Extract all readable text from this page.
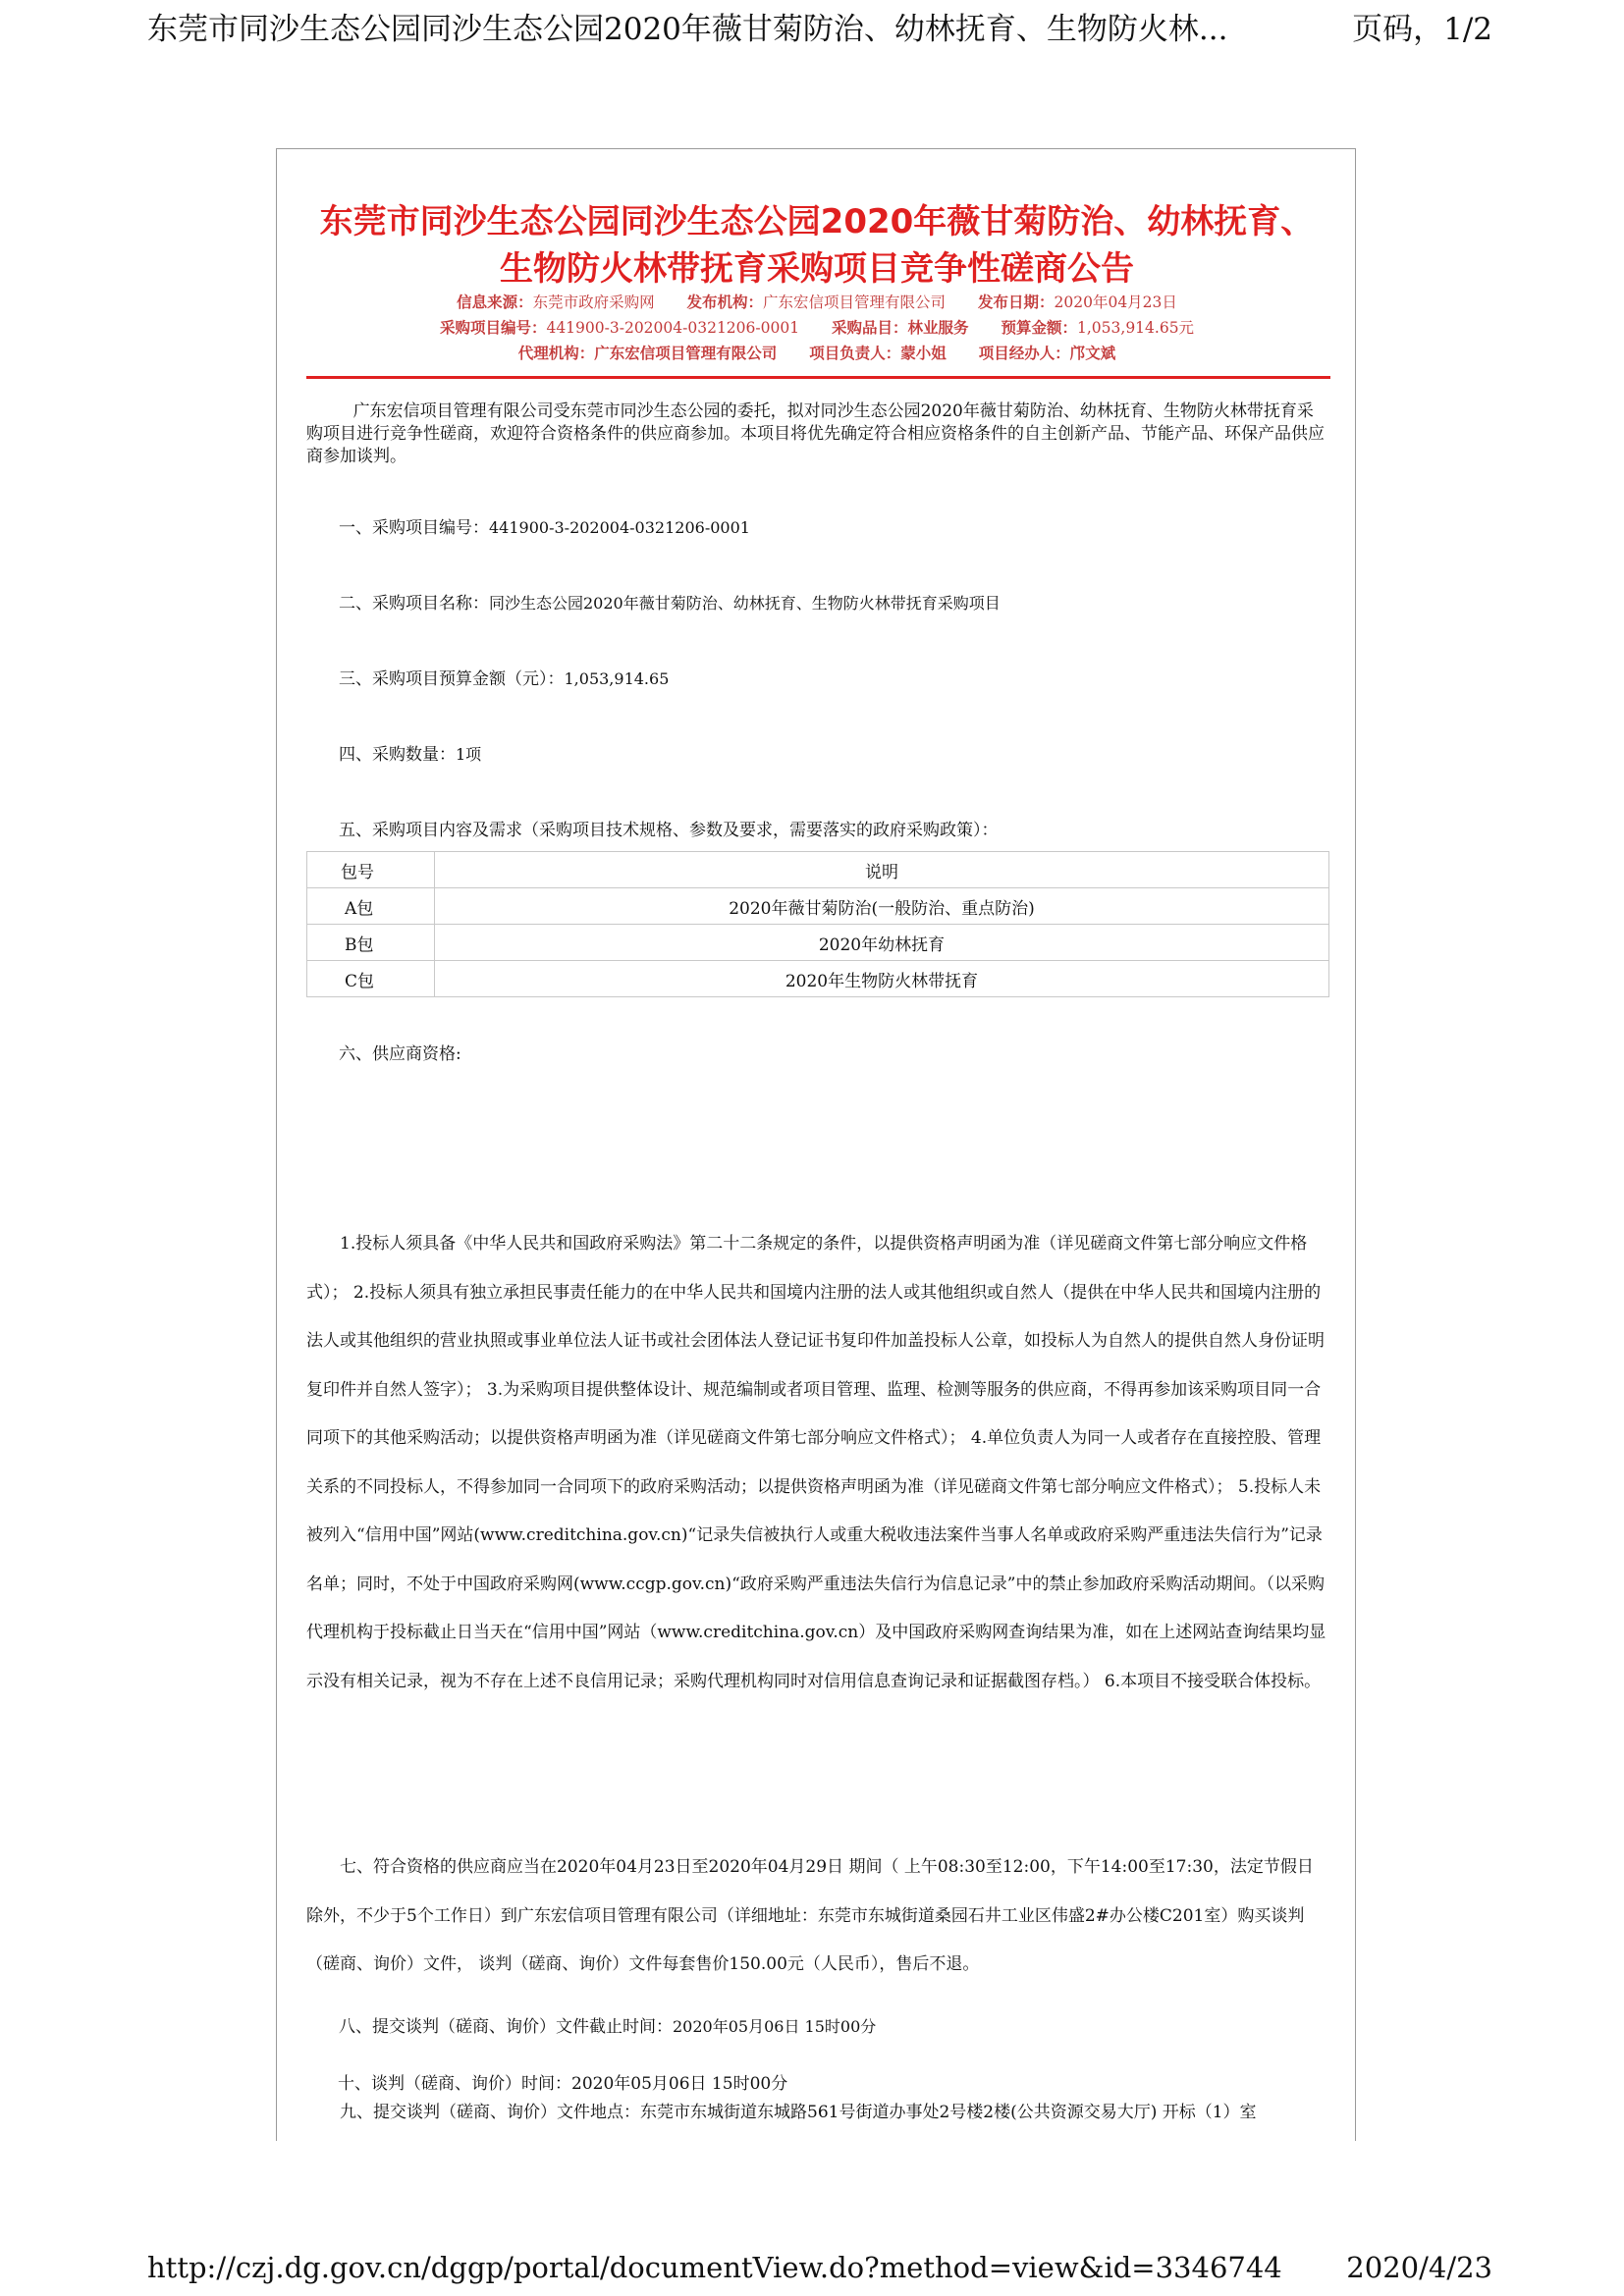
东莞市同沙生态公园同沙生态公园2020年薇甘菊防治、幼林抚育、生物防火林...	页码，1/2
东莞市同沙生态公园同沙生态公园2020年薇甘菊防治、幼林抚育、生物防火林带抚育采购项目竞争性磋商公告
信息来源：东莞市政府采购网 发布机构：广东宏信项目管理有限公司 发布日期：2020年04月23日
采购项目编号：441900-3-202004-0321206-0001 采购品目：林业服务 预算金额：1,053,914.65元
代理机构：广东宏信项目管理有限公司 项目负责人：蒙小姐 项目经办人：邝文斌
广东宏信项目管理有限公司受东莞市同沙生态公园的委托，拟对同沙生态公园2020年薇甘菊防治、幼林抚育、生物防火林带抚育采购项目进行竞争性磋商，欢迎符合资格条件的供应商参加。本项目将优先确定符合相应资格条件的自主创新产品、节能产品、环保产品供应商参加谈判。
一、采购项目编号：441900-3-202004-0321206-0001
二、采购项目名称：同沙生态公园2020年薇甘菊防治、幼林抚育、生物防火林带抚育采购项目
三、采购项目预算金额（元）：1,053,914.65
四、采购数量：1项
五、采购项目内容及需求（采购项目技术规格、参数及要求，需要落实的政府采购政策）：
包号	说明
A包	2020年薇甘菊防治(一般防治、重点防治)
B包	2020年幼林抚育
C包	2020年生物防火林带抚育
六、供应商资格:
1.投标人须具备《中华人民共和国政府采购法》第二十二条规定的条件，以提供资格声明函为准（详见磋商文件第七部分响应文件格式）； 2.投标人须具有独立承担民事责任能力的在中华人民共和国境内注册的法人或其他组织或自然人（提供在中华人民共和国境内注册的法人或其他组织的营业执照或事业单位法人证书或社会团体法人登记证书复印件加盖投标人公章，如投标人为自然人的提供自然人身份证明复印件并自然人签字）； 3.为采购项目提供整体设计、规范编制或者项目管理、监理、检测等服务的供应商，不得再参加该采购项目同一合同项下的其他采购活动；以提供资格声明函为准（详见磋商文件第七部分响应文件格式）； 4.单位负责人为同一人或者存在直接控股、管理关系的不同投标人，不得参加同一合同项下的政府采购活动；以提供资格声明函为准（详见磋商文件第七部分响应文件格式）； 5.投标人未被列入“信用中国”网站(www.creditchina.gov.cn)“记录失信被执行人或重大税收违法案件当事人名单或政府采购严重违法失信行为”记录名单；同时，不处于中国政府采购网(www.ccgp.gov.cn)“政府采购严重违法失信行为信息记录”中的禁止参加政府采购活动期间。（以采购代理机构于投标截止日当天在“信用中国”网站（www.creditchina.gov.cn）及中国政府采购网查询结果为准，如在上述网站查询结果均显示没有相关记录，视为不存在上述不良信用记录；采购代理机构同时对信用信息查询记录和证据截图存档。） 6.本项目不接受联合体投标。
七、符合资格的供应商应当在2020年04月23日至2020年04月29日 期间（ 上午08:30至12:00，下午14:00至17:30，法定节假日除外，不少于5个工作日）到广东宏信项目管理有限公司（详细地址：东莞市东城街道桑园石井工业区伟盛2#办公楼C201室）购买谈判（磋商、询价）文件， 谈判（磋商、询价）文件每套售价150.00元（人民币），售后不退。
八、提交谈判（磋商、询价）文件截止时间：2020年05月06日 15时00分
九、提交谈判（磋商、询价）文件地点：东莞市东城街道东城路561号街道办事处2号楼2楼(公共资源交易大厅) 开标（1）室
十、谈判（磋商、询价）时间：2020年05月06日 15时00分
http://czj.dg.gov.cn/dggp/portal/documentView.do?method=view&id=3346744 2020/4/23
